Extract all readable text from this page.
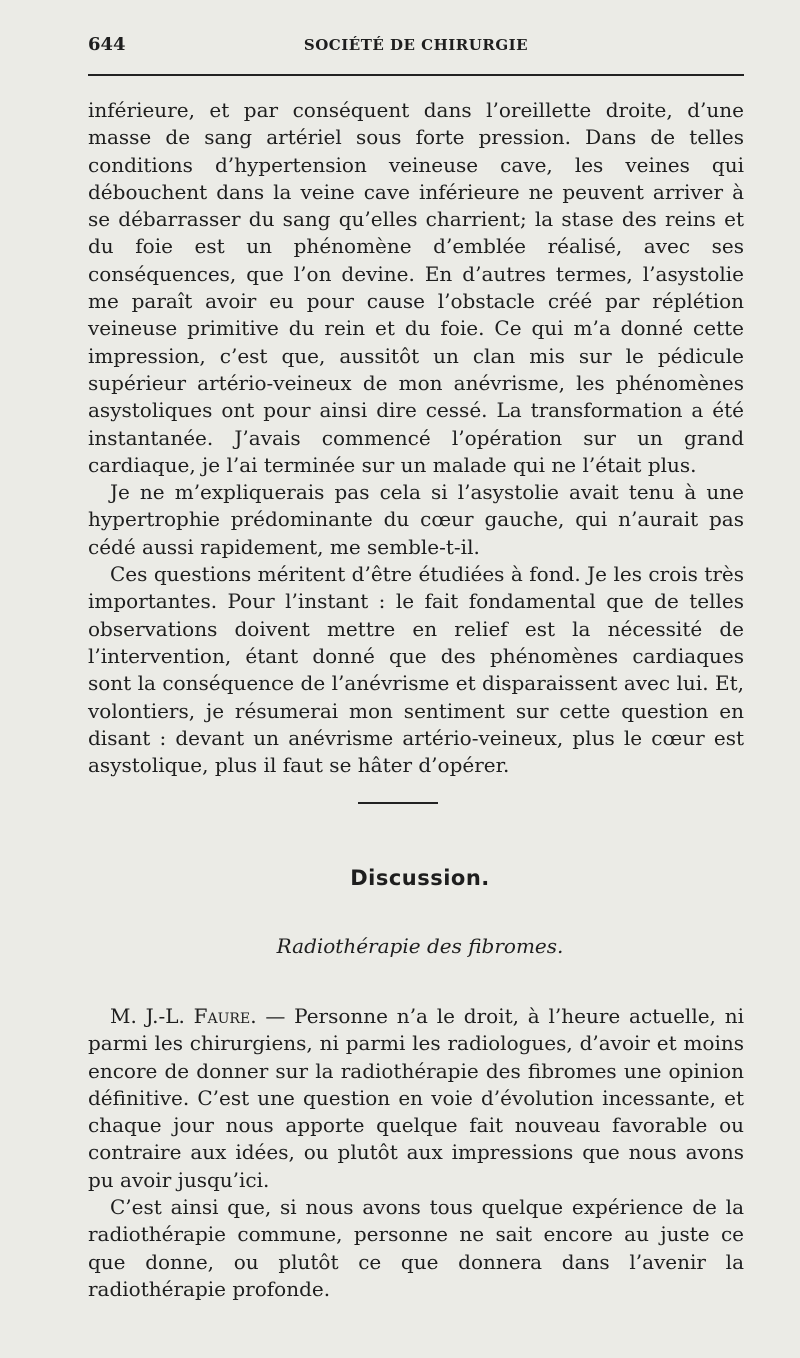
644	SOCIÉTÉ DE CHIRURGIE

inférieure, et par conséquent dans l’oreillette droite, d’une masse de sang artériel sous forte pression. Dans de telles conditions d’hypertension veineuse cave, les veines qui débouchent dans la veine cave inférieure ne peuvent arriver à se débarrasser du sang qu’elles charrient; la stase des reins et du foie est un phénomène d’emblée réalisé, avec ses conséquences, que l’on devine. En d’autres termes, l’asystolie me paraît avoir eu pour cause l’obstacle créé par réplétion veineuse primitive du rein et du foie. Ce qui m’a donné cette impression, c’est que, aussitôt un clan mis sur le pédicule supérieur artério-veineux de mon anévrisme, les phénomènes asystoliques ont pour ainsi dire cessé. La transformation a été instantanée. J’avais commencé l’opération sur un grand cardiaque, je l’ai terminée sur un malade qui ne l’était plus.

Je ne m’expliquerais pas cela si l’asystolie avait tenu à une hypertrophie prédominante du cœur gauche, qui n’aurait pas cédé aussi rapidement, me semble-t-il.

Ces questions méritent d’être étudiées à fond. Je les crois très importantes. Pour l’instant : le fait fondamental que de telles observations doivent mettre en relief est la nécessité de l’intervention, étant donné que des phénomènes cardiaques sont la conséquence de l’anévrisme et disparaissent avec lui. Et, volontiers, je résumerai mon sentiment sur cette question en disant : devant un anévrisme artério-veineux, plus le cœur est asystolique, plus il faut se hâter d’opérer.

Discussion.
Radiothérapie des fibromes.

M. J.-L. Faure. — Personne n’a le droit, à l’heure actuelle, ni parmi les chirurgiens, ni parmi les radiologues, d’avoir et moins encore de donner sur la radiothérapie des fibromes une opinion définitive. C’est une question en voie d’évolution incessante, et chaque jour nous apporte quelque fait nouveau favorable ou contraire aux idées, ou plutôt aux impressions que nous avons pu avoir jusqu’ici.

C’est ainsi que, si nous avons tous quelque expérience de la radiothérapie commune, personne ne sait encore au juste ce que donne, ou plutôt ce que donnera dans l’avenir la radiothérapie profonde.
